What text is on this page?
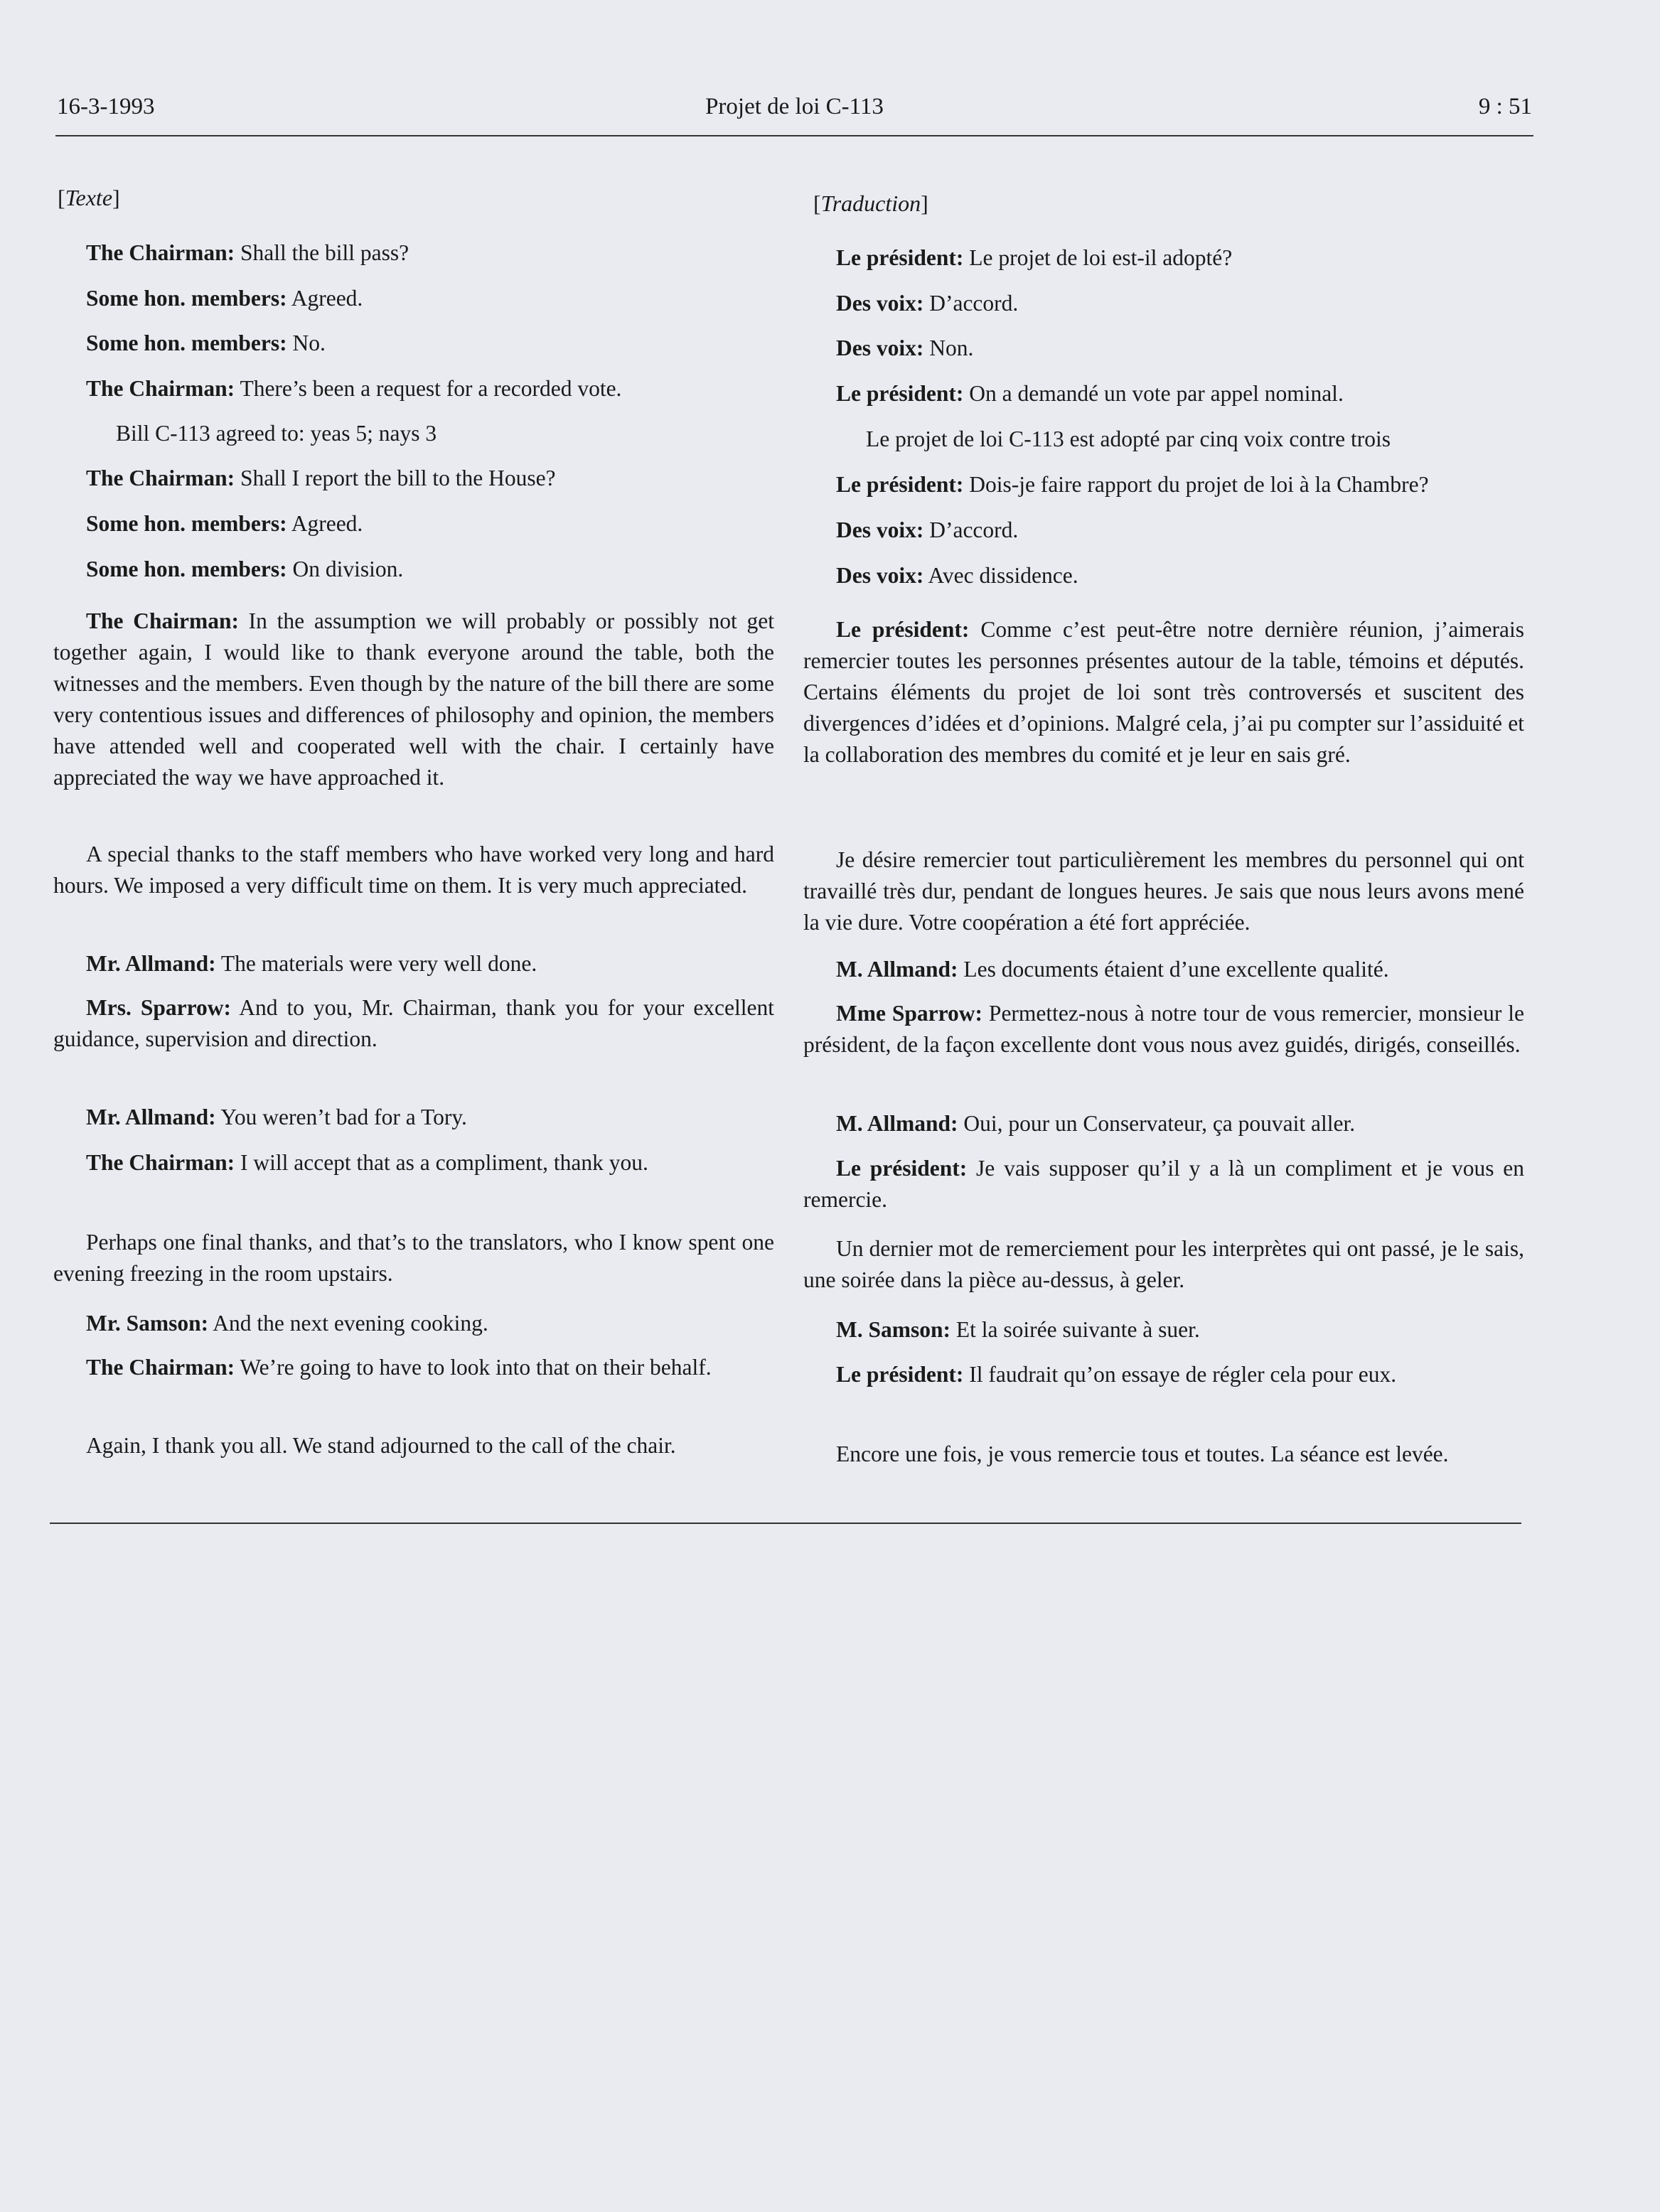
16-3-1993	Projet de loi C-113	9 : 51
[Texte]

The Chairman: Shall the bill pass?

Some hon. members: Agreed.

Some hon. members: No.

The Chairman: There’s been a request for a recorded vote.

Bill C-113 agreed to: yeas 5; nays 3

The Chairman: Shall I report the bill to the House?

Some hon. members: Agreed.

Some hon. members: On division.

The Chairman: In the assumption we will probably or possibly not get together again, I would like to thank everyone around the table, both the witnesses and the members. Even though by the nature of the bill there are some very contentious issues and differences of philosophy and opinion, the members have attended well and cooperated well with the chair. I certainly have appreciated the way we have approached it.

A special thanks to the staff members who have worked very long and hard hours. We imposed a very difficult time on them. It is very much appreciated.

Mr. Allmand: The materials were very well done.

Mrs. Sparrow: And to you, Mr. Chairman, thank you for your excellent guidance, supervision and direction.

Mr. Allmand: You weren’t bad for a Tory.

The Chairman: I will accept that as a compliment, thank you.

Perhaps one final thanks, and that’s to the translators, who I know spent one evening freezing in the room upstairs.

Mr. Samson: And the next evening cooking.

The Chairman: We’re going to have to look into that on their behalf.

Again, I thank you all. We stand adjourned to the call of the chair.

[Traduction]

Le président: Le projet de loi est-il adopté?

Des voix: D’accord.

Des voix: Non.

Le président: On a demandé un vote par appel nominal.

Le projet de loi C-113 est adopté par cinq voix contre trois

Le président: Dois-je faire rapport du projet de loi à la Chambre?

Des voix: D’accord.

Des voix: Avec dissidence.

Le président: Comme c’est peut-être notre dernière réunion, j’aimerais remercier toutes les personnes présentes autour de la table, témoins et députés. Certains éléments du projet de loi sont très controversés et suscitent des divergences d’idées et d’opinions. Malgré cela, j’ai pu compter sur l’assiduité et la collaboration des membres du comité et je leur en sais gré.

Je désire remercier tout particulièrement les membres du personnel qui ont travaillé très dur, pendant de longues heures. Je sais que nous leurs avons mené la vie dure. Votre coopération a été fort appréciée.

M. Allmand: Les documents étaient d’une excellente qualité.

Mme Sparrow: Permettez-nous à notre tour de vous remercier, monsieur le président, de la façon excellente dont vous nous avez guidés, dirigés, conseillés.

M. Allmand: Oui, pour un Conservateur, ça pouvait aller.

Le président: Je vais supposer qu’il y a là un compliment et je vous en remercie.

Un dernier mot de remerciement pour les interprètes qui ont passé, je le sais, une soirée dans la pièce au-dessus, à geler.

M. Samson: Et la soirée suivante à suer.

Le président: Il faudrait qu’on essaye de régler cela pour eux.

Encore une fois, je vous remercie tous et toutes. La séance est levée.
